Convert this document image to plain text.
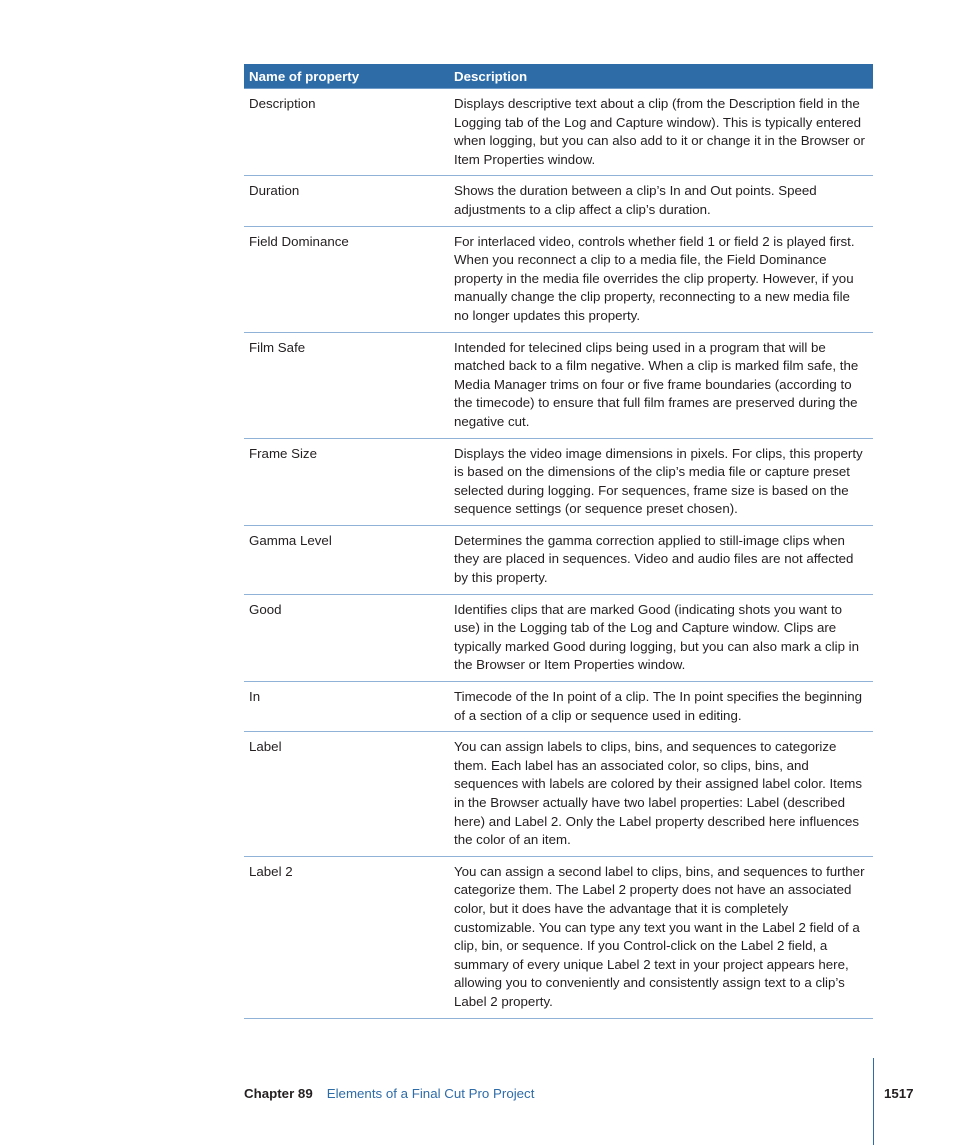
Name of property	Description
Description	Displays descriptive text about a clip (from the Description field in the Logging tab of the Log and Capture window). This is typically entered when logging, but you can also add to it or change it in the Browser or Item Properties window.
Duration	Shows the duration between a clip’s In and Out points. Speed adjustments to a clip affect a clip’s duration.
Field Dominance	For interlaced video, controls whether field 1 or field 2 is played first. When you reconnect a clip to a media file, the Field Dominance property in the media file overrides the clip property. However, if you manually change the clip property, reconnecting to a new media file no longer updates this property.
Film Safe	Intended for telecined clips being used in a program that will be matched back to a film negative. When a clip is marked film safe, the Media Manager trims on four or five frame boundaries (according to the timecode) to ensure that full film frames are preserved during the negative cut.
Frame Size	Displays the video image dimensions in pixels. For clips, this property is based on the dimensions of the clip’s media file or capture preset selected during logging. For sequences, frame size is based on the sequence settings (or sequence preset chosen).
Gamma Level	Determines the gamma correction applied to still-image clips when they are placed in sequences. Video and audio files are not affected by this property.
Good	Identifies clips that are marked Good (indicating shots you want to use) in the Logging tab of the Log and Capture window. Clips are typically marked Good during logging, but you can also mark a clip in the Browser or Item Properties window.
In	Timecode of the In point of a clip. The In point specifies the beginning of a section of a clip or sequence used in editing.
Label	You can assign labels to clips, bins, and sequences to categorize them. Each label has an associated color, so clips, bins, and sequences with labels are colored by their assigned label color. Items in the Browser actually have two label properties: Label (described here) and Label 2. Only the Label property described here influences the color of an item.
Label 2	You can assign a second label to clips, bins, and sequences to further categorize them. The Label 2 property does not have an associated color, but it does have the advantage that it is completely customizable. You can type any text you want in the Label 2 field of a clip, bin, or sequence. If you Control-click on the Label 2 field, a summary of every unique Label 2 text in your project appears here, allowing you to conveniently and consistently assign text to a clip’s Label 2 property.
Chapter 89 Elements of a Final Cut Pro Project	1517
